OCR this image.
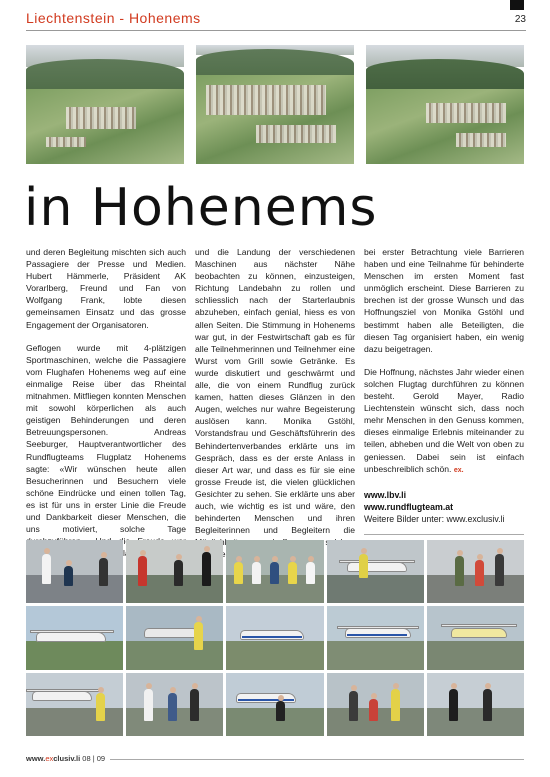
Liechtenstein - Hohenems	23
in Hohenems

und deren Begleitung mischten sich auch Passagiere der Presse und Medien. Hubert Hämmerle, Präsident AK Vorarlberg, Freund und Fan von Wolfgang Frank, lobte diesen gemeinsamen Einsatz und das grosse Engagement der Organisatoren.

Geflogen wurde mit 4-plätzigen Sportmaschinen, welche die Passagiere vom Flughafen Hohenems weg auf eine einmalige Reise über das Rheintal mitnahmen. Mitfliegen konnten Menschen mit sowohl körperlichen als auch geistigen Behinderungen und deren Betreuungspersonen. Andreas Seeburger, Hauptverantwortlicher des Rundflugteams Flugplatz Hohenems sagte: «Wir wünschen heute allen Besucherinnen und Besuchern viele schöne Eindrücke und einen tollen Tag, es ist für uns in erster Linie die Freude und Dankbarkeit dieser Menschen, die uns motiviert, solche Tage die

und die Landung der verschiedenen Maschinen aus nächster Nähe beobachten zu können, einzusteigen, Richtung Landebahn zu rollen und schliesslich nach der Starterlaubnis abzuheben, einfach genial, hiess es von allen Seiten. Die Stimmung in Hohenems war gut, in der Festwirtschaft gab es für alle Teilnehmerinnen und Teilnehmer eine Wurst vom Grill sowie Getränke. Es wurde diskutiert und geschwärmt und alle, die von einem Rundflug zurück kamen, hatten dieses Glänzen in den Augen, welches nur wahre Begeisterung auslösen kann. Monika Gstöhl, Vorstandsfrau und Geschäftsführerin des Behindertenverbandes erklärte uns im Gespräch, dass es der erste Anlass in dieser Art war, und dass es für sie eine grosse Freude ist, die vielen glücklichen Gesichter zu sehen. Sie erklärte uns aber auch, wie wichtig es ist und wäre, den behinderten Menschen und ihren Begleiterinnen und Begleitern die

bei erster Betrachtung viele Barrieren haben und eine Teilnahme für behinderte Menschen im ersten Moment fast unmöglich erscheint. Diese Barrieren zu brechen ist der grosse Wunsch und das Hoffnungsziel von Monika Gstöhl und bestimmt haben alle Beteiligten, die diesen Tag organisiert haben, ein wenig dazu beigetragen.

Die Hoffnung, nächstes Jahr wieder einen solchen Flugtag durchführen zu können besteht. Gerold Mayer, Radio Liechtenstein wünscht sich, dass noch mehr Menschen in den Genuss kommen, dieses einmalige Erlebnis miteinander zu teilen, abheben und die Welt von oben zu geniessen. Dabei sein ist einfach unbeschreiblich schön. ex.

www.lbv.li
www.rundflugteam.at
Weitere Bilder unter: www.exclusiv.li
www.exclusiv.li 08 | 09
